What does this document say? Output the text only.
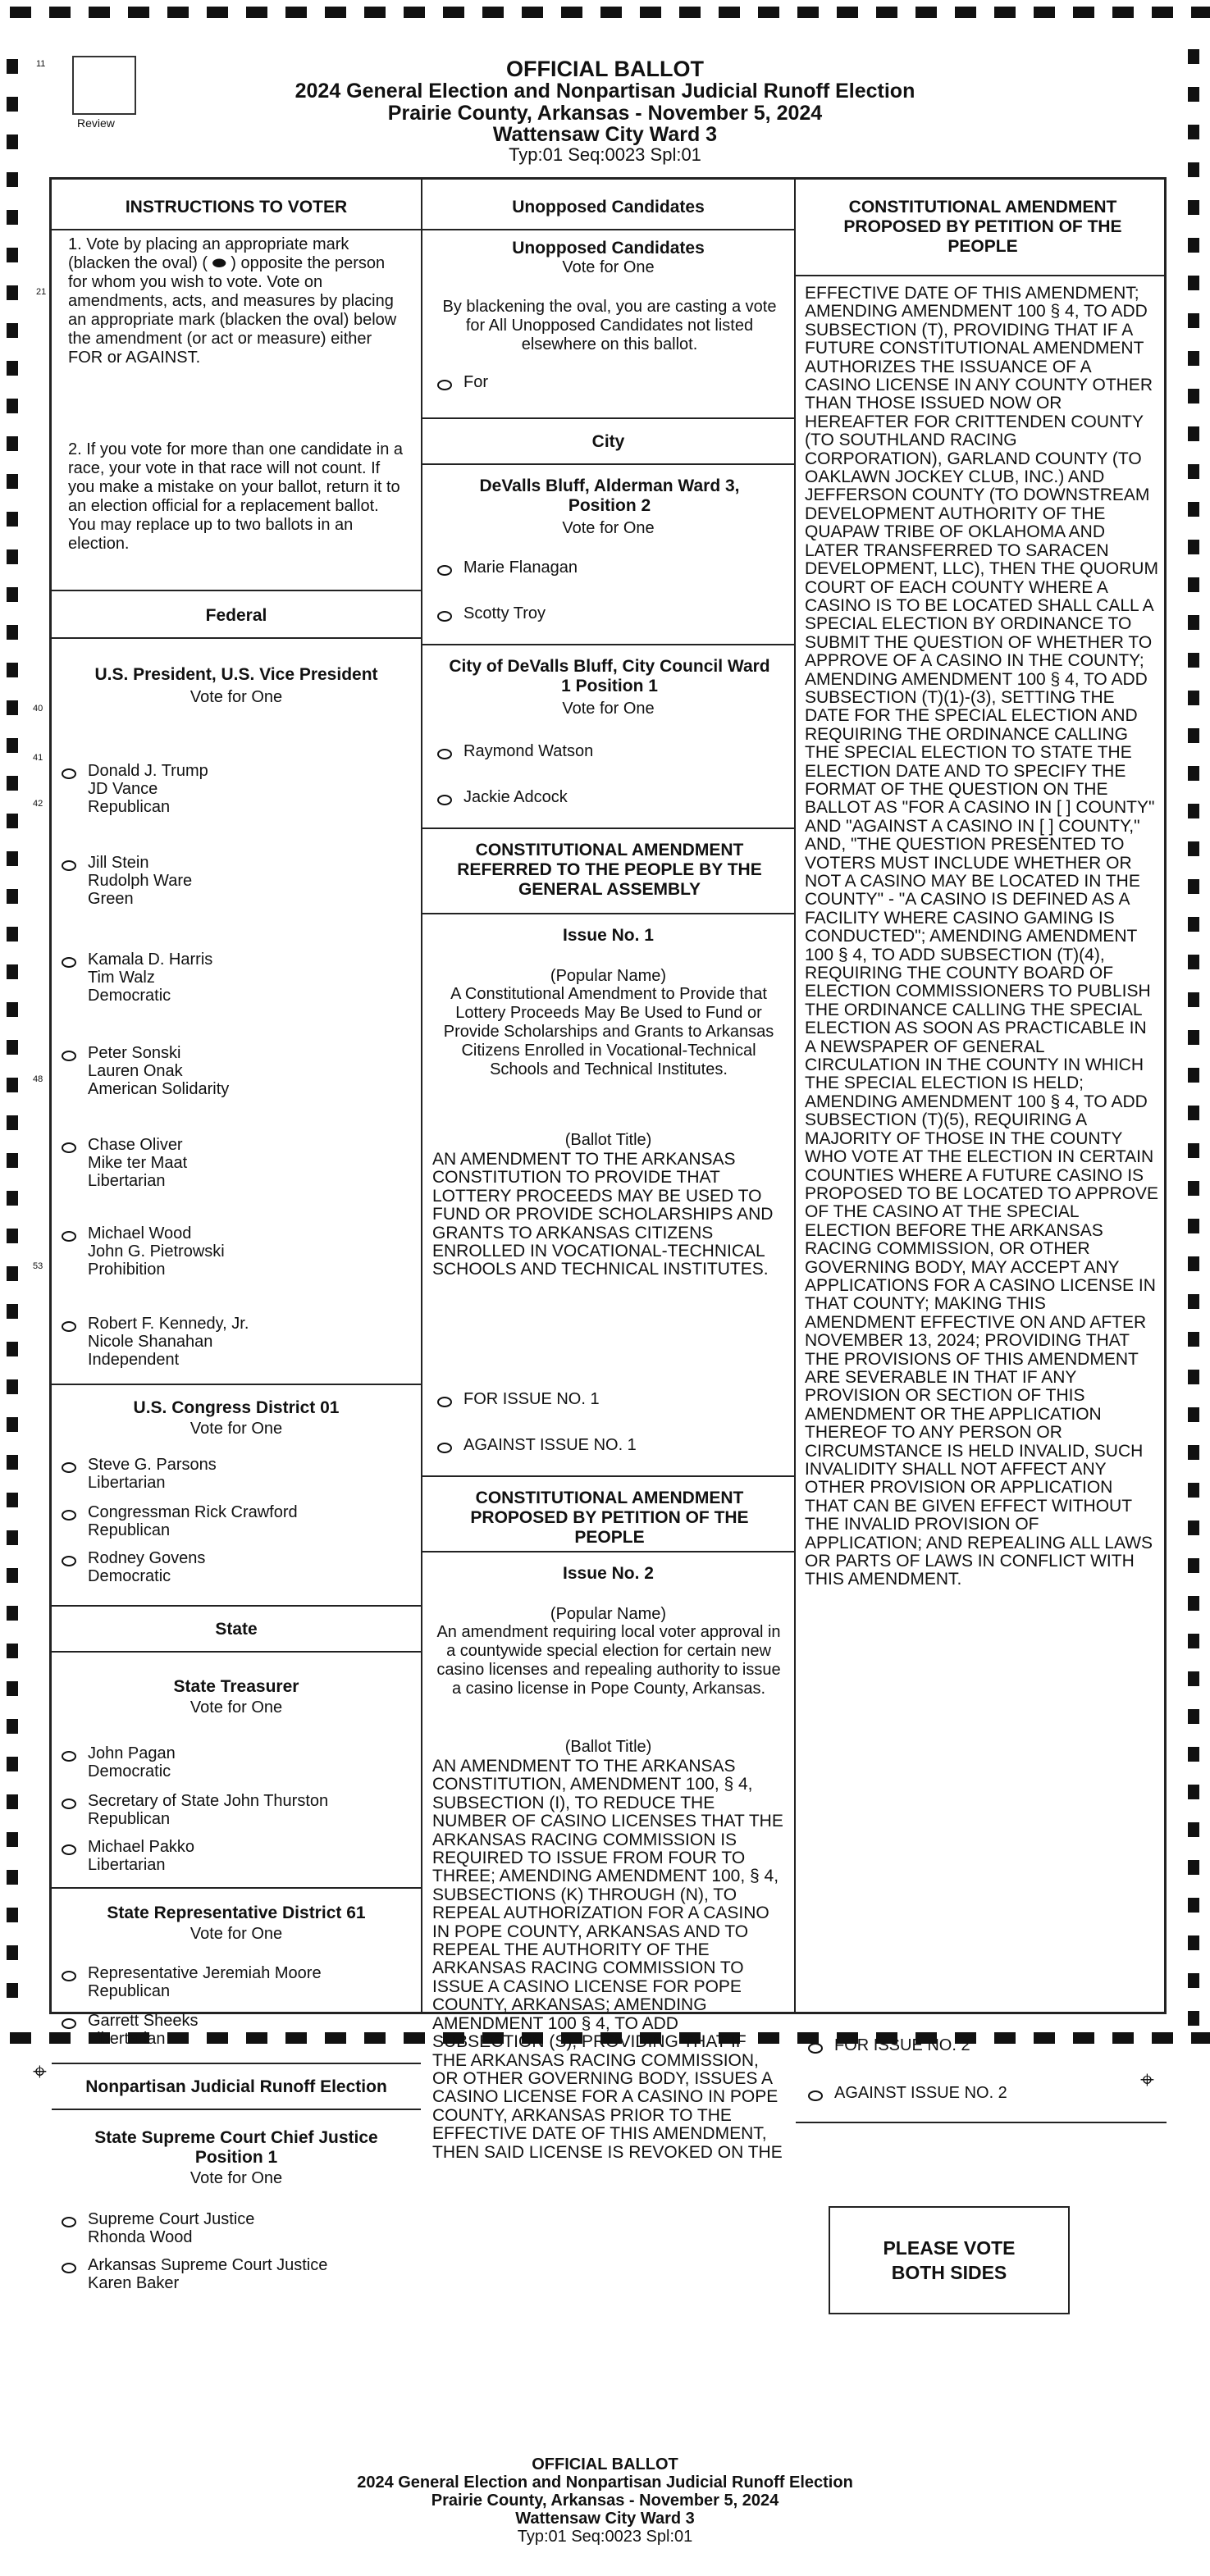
Review
11
21
40
41
42
48
53
OFFICIAL BALLOT
2024 General Election and Nonpartisan Judicial Runoff Election
Prairie County, Arkansas - November 5, 2024
Wattensaw City Ward 3
Typ:01 Seq:0023 Spl:01
INSTRUCTIONS TO VOTER
1. Vote by placing an appropriate mark (blacken the oval) ( ⬬ ) opposite the person for whom you wish to vote. Vote on amendments, acts, and measures by placing an appropriate mark (blacken the oval) below the amendment (or act or measure) either FOR or AGAINST.
2. If you vote for more than one candidate in a race, your vote in that race will not count. If you make a mistake on your ballot, return it to an election official for a replacement ballot. You may replace up to two ballots in an election.
Federal
U.S. President, U.S. Vice President
Vote for One
Donald J. Trump
JD Vance
Republican
Jill Stein
Rudolph Ware
Green
Kamala D. Harris
Tim Walz
Democratic
Peter Sonski
Lauren Onak
American Solidarity
Chase Oliver
Mike ter Maat
Libertarian
Michael Wood
John G. Pietrowski
Prohibition
Robert F. Kennedy, Jr.
Nicole Shanahan
Independent
U.S. Congress District 01
Vote for One
Steve G. Parsons
Libertarian
Congressman Rick Crawford
Republican
Rodney Govens
Democratic
State
State Treasurer
Vote for One
John Pagan
Democratic
Secretary of State John Thurston
Republican
Michael Pakko
Libertarian
State Representative District 61
Vote for One
Representative Jeremiah Moore
Republican
Garrett Sheeks
Libertarian
Nonpartisan Judicial Runoff Election
State Supreme Court Chief Justice Position 1
Vote for One
Supreme Court Justice
Rhonda Wood
Arkansas Supreme Court Justice
Karen Baker
Unopposed Candidates
Unopposed Candidates
Vote for One
By blackening the oval, you are casting a vote for All Unopposed Candidates not listed elsewhere on this ballot.
For
City
DeValls Bluff, Alderman Ward 3, Position 2
Vote for One
Marie Flanagan
Scotty Troy
City of DeValls Bluff, City Council Ward 1 Position 1
Vote for One
Raymond Watson
Jackie Adcock
CONSTITUTIONAL AMENDMENT REFERRED TO THE PEOPLE BY THE GENERAL ASSEMBLY
Issue No. 1
(Popular Name)
A Constitutional Amendment to Provide that Lottery Proceeds May Be Used to Fund or Provide Scholarships and Grants to Arkansas Citizens Enrolled in Vocational-Technical Schools and Technical Institutes.
(Ballot Title)
AN AMENDMENT TO THE ARKANSAS CONSTITUTION TO PROVIDE THAT LOTTERY PROCEEDS MAY BE USED TO FUND OR PROVIDE SCHOLARSHIPS AND GRANTS TO ARKANSAS CITIZENS ENROLLED IN VOCATIONAL-TECHNICAL SCHOOLS AND TECHNICAL INSTITUTES.
FOR ISSUE NO. 1
AGAINST ISSUE NO. 1
CONSTITUTIONAL AMENDMENT PROPOSED BY PETITION OF THE PEOPLE
Issue No. 2
(Popular Name)
An amendment requiring local voter approval in a countywide special election for certain new casino licenses and repealing authority to issue a casino license in Pope County, Arkansas.
(Ballot Title)
AN AMENDMENT TO THE ARKANSAS CONSTITUTION, AMENDMENT 100, § 4, SUBSECTION (I), TO REDUCE THE NUMBER OF CASINO LICENSES THAT THE ARKANSAS RACING COMMISSION IS REQUIRED TO ISSUE FROM FOUR TO THREE; AMENDING AMENDMENT 100, § 4, SUBSECTIONS (K) THROUGH (N), TO REPEAL AUTHORIZATION FOR A CASINO IN POPE COUNTY, ARKANSAS AND TO REPEAL THE AUTHORITY OF THE ARKANSAS RACING COMMISSION TO ISSUE A CASINO LICENSE FOR POPE COUNTY, ARKANSAS; AMENDING AMENDMENT 100 § 4, TO ADD SUBSECTION (S), PROVIDING THAT IF THE ARKANSAS RACING COMMISSION, OR OTHER GOVERNING BODY, ISSUES A CASINO LICENSE FOR A CASINO IN POPE COUNTY, ARKANSAS PRIOR TO THE EFFECTIVE DATE OF THIS AMENDMENT, THEN SAID LICENSE IS REVOKED ON THE
CONSTITUTIONAL AMENDMENT PROPOSED BY PETITION OF THE PEOPLE
EFFECTIVE DATE OF THIS AMENDMENT; AMENDING AMENDMENT 100 § 4, TO ADD SUBSECTION (T), PROVIDING THAT IF A FUTURE CONSTITUTIONAL AMENDMENT AUTHORIZES THE ISSUANCE OF A CASINO LICENSE IN ANY COUNTY OTHER THAN THOSE ISSUED NOW OR HEREAFTER FOR CRITTENDEN COUNTY (TO SOUTHLAND RACING CORPORATION), GARLAND COUNTY (TO OAKLAWN JOCKEY CLUB, INC.) AND JEFFERSON COUNTY (TO DOWNSTREAM DEVELOPMENT AUTHORITY OF THE QUAPAW TRIBE OF OKLAHOMA AND LATER TRANSFERRED TO SARACEN DEVELOPMENT, LLC), THEN THE QUORUM COURT OF EACH COUNTY WHERE A CASINO IS TO BE LOCATED SHALL CALL A SPECIAL ELECTION BY ORDINANCE TO SUBMIT THE QUESTION OF WHETHER TO APPROVE OF A CASINO IN THE COUNTY; AMENDING AMENDMENT 100 § 4, TO ADD SUBSECTION (T)(1)-(3), SETTING THE DATE FOR THE SPECIAL ELECTION AND REQUIRING THE ORDINANCE CALLING THE SPECIAL ELECTION TO STATE THE ELECTION DATE AND TO SPECIFY THE FORMAT OF THE QUESTION ON THE BALLOT AS "FOR A CASINO IN [ ] COUNTY" AND "AGAINST A CASINO IN [ ] COUNTY," AND, "THE QUESTION PRESENTED TO VOTERS MUST INCLUDE WHETHER OR NOT A CASINO MAY BE LOCATED IN THE COUNTY" - "A CASINO IS DEFINED AS A FACILITY WHERE CASINO GAMING IS CONDUCTED"; AMENDING AMENDMENT 100 § 4, TO ADD SUBSECTION (T)(4), REQUIRING THE COUNTY BOARD OF ELECTION COMMISSIONERS TO PUBLISH THE ORDINANCE CALLING THE SPECIAL ELECTION AS SOON AS PRACTICABLE IN A NEWSPAPER OF GENERAL CIRCULATION IN THE COUNTY IN WHICH THE SPECIAL ELECTION IS HELD; AMENDING AMENDMENT 100 § 4, TO ADD SUBSECTION (T)(5), REQUIRING A MAJORITY OF THOSE IN THE COUNTY WHO VOTE AT THE ELECTION IN CERTAIN COUNTIES WHERE A FUTURE CASINO IS PROPOSED TO BE LOCATED TO APPROVE OF THE CASINO AT THE SPECIAL ELECTION BEFORE THE ARKANSAS RACING COMMISSION, OR OTHER GOVERNING BODY, MAY ACCEPT ANY APPLICATIONS FOR A CASINO LICENSE IN THAT COUNTY; MAKING THIS AMENDMENT EFFECTIVE ON AND AFTER NOVEMBER 13, 2024; PROVIDING THAT THE PROVISIONS OF THIS AMENDMENT ARE SEVERABLE IN THAT IF ANY PROVISION OR SECTION OF THIS AMENDMENT OR THE APPLICATION THEREOF TO ANY PERSON OR CIRCUMSTANCE IS HELD INVALID, SUCH INVALIDITY SHALL NOT AFFECT ANY OTHER PROVISION OR APPLICATION THAT CAN BE GIVEN EFFECT WITHOUT THE INVALID PROVISION OF APPLICATION; AND REPEALING ALL LAWS OR PARTS OF LAWS IN CONFLICT WITH THIS AMENDMENT.
FOR ISSUE NO. 2
AGAINST ISSUE NO. 2
PLEASE VOTE
BOTH SIDES
⌖	⌖
OFFICIAL BALLOT
2024 General Election and Nonpartisan Judicial Runoff Election
Prairie County, Arkansas - November 5, 2024
Wattensaw City Ward 3
Typ:01 Seq:0023 Spl:01
